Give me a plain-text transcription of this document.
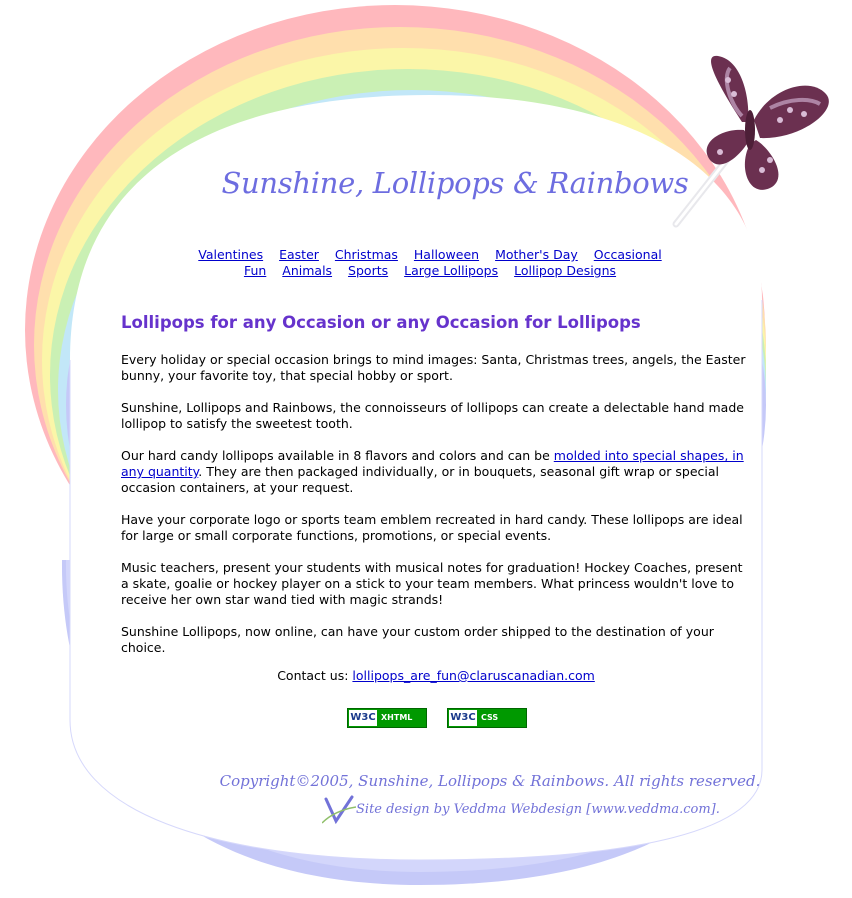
Sunshine, Lollipops & Rainbows
Valentines Easter Christmas Halloween Mother's Day Occasional
Fun Animals Sports Large Lollipops Lollipop Designs
Lollipops for any Occasion or any Occasion for Lollipops

Every holiday or special occasion brings to mind images: Santa, Christmas trees, angels, the Easter bunny, your favorite toy, that special hobby or sport.

Sunshine, Lollipops and Rainbows, the connoisseurs of lollipops can create a delectable hand made lollipop to satisfy the sweetest tooth.

Our hard candy lollipops available in 8 flavors and colors and can be molded into special shapes, in any quantity. They are then packaged individually, or in bouquets, seasonal gift wrap or special occasion containers, at your request.

Have your corporate logo or sports team emblem recreated in hard candy. These lollipops are ideal for large or small corporate functions, promotions, or special events.

Music teachers, present your students with musical notes for graduation! Hockey Coaches, present a skate, goalie or hockey player on a stick to your team members. What princess wouldn't love to receive her own star wand tied with magic strands!

Sunshine Lollipops, now online, can have your custom order shipped to the destination of your choice.

Contact us: lollipops_are_fun@claruscanadian.com

W3C XHTML 1.0
W3C CSS

Copyright©2005, Sunshine, Lollipops & Rainbows. All rights reserved.

Site design by Veddma Webdesign [www.veddma.com].
